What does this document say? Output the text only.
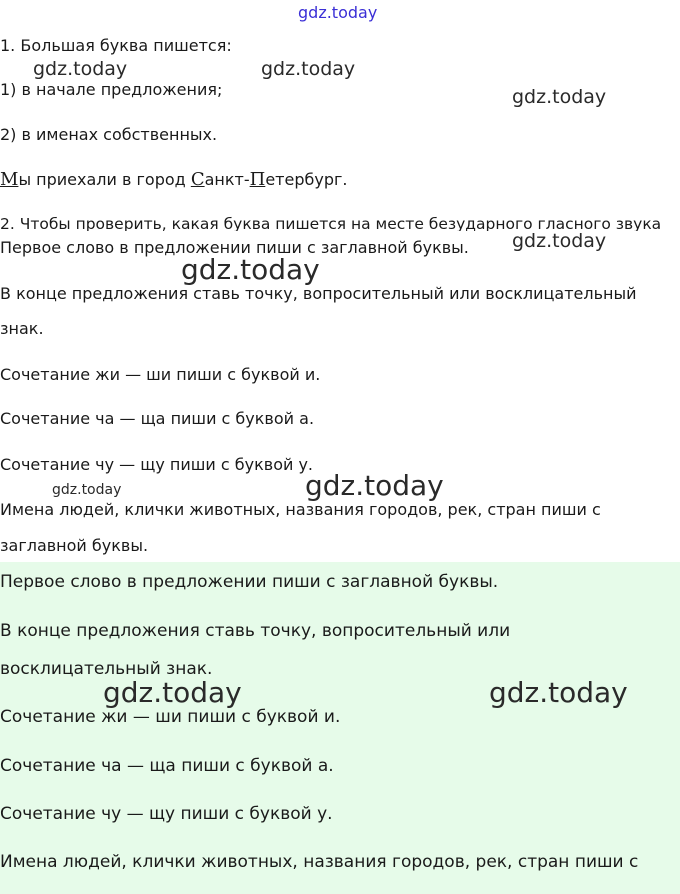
1. Большая буква пишется:
1) в начале предложения;
2) в именах собственных.
Мы приехали в город Санкт-Петербург.
2. Чтобы проверить, какая буква пишется на месте безударного гласного звука
Первое слово в предложении пиши с заглавной буквы.
В конце предложения ставь точку, вопросительный или восклицательный
знак.
Сочетание жи — ши пиши с буквой и.
Сочетание ча — ща пиши с буквой а.
Сочетание чу — щу пиши с буквой у.
Имена людей, клички животных, названия городов, рек, стран пиши с
заглавной буквы.
Первое слово в предложении пиши с заглавной буквы.
В конце предложения ставь точку, вопросительный или
восклицательный знак.
Сочетание жи — ши пиши с буквой и.
Сочетание ча — ща пиши с буквой а.
Сочетание чу — щу пиши с буквой у.
Имена людей, клички животных, названия городов, рек, стран пиши с
gdz.today
gdz.today	gdz.today
gdz.today
gdz.today
gdz.today
gdz.today	gdz.today
gdz.today	gdz.today
